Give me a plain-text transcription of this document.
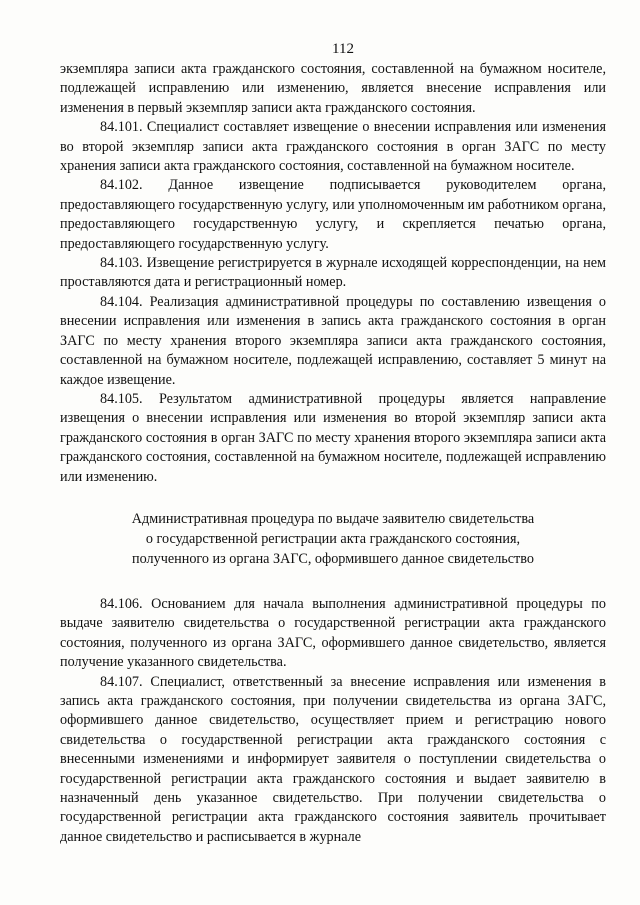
112

экземпляра записи акта гражданского состояния, составленной на бумажном носителе, подлежащей исправлению или изменению, является внесение исправления или изменения в первый экземпляр записи акта гражданского состояния.

84.101. Специалист составляет извещение о внесении исправления или изменения во второй экземпляр записи акта гражданского состояния в орган ЗАГС по месту хранения записи акта гражданского состояния, составленной на бумажном носителе.

84.102. Данное извещение подписывается руководителем органа, предоставляющего государственную услугу, или уполномоченным им работником органа, предоставляющего государственную услугу, и скрепляется печатью органа, предоставляющего государственную услугу.

84.103. Извещение регистрируется в журнале исходящей корреспонденции, на нем проставляются дата и регистрационный номер.

84.104. Реализация административной процедуры по составлению извещения о внесении исправления или изменения в запись акта гражданского состояния в орган ЗАГС по месту хранения второго экземпляра записи акта гражданского состояния, составленной на бумажном носителе, подлежащей исправлению, составляет 5 минут на каждое извещение.

84.105. Результатом административной процедуры является направление извещения о внесении исправления или изменения во второй экземпляр записи акта гражданского состояния в орган ЗАГС по месту хранения второго экземпляра записи акта гражданского состояния, составленной на бумажном носителе, подлежащей исправлению или изменению.

Административная процедура по выдаче заявителю свидетельства
о государственной регистрации акта гражданского состояния,
полученного из органа ЗАГС, оформившего данное свидетельство

84.106. Основанием для начала выполнения административной процедуры по выдаче заявителю свидетельства о государственной регистрации акта гражданского состояния, полученного из органа ЗАГС, оформившего данное свидетельство, является получение указанного свидетельства.

84.107. Специалист, ответственный за внесение исправления или изменения в запись акта гражданского состояния, при получении свидетельства из органа ЗАГС, оформившего данное свидетельство, осуществляет прием и регистрацию нового свидетельства о государственной регистрации акта гражданского состояния с внесенными изменениями и информирует заявителя о поступлении свидетельства о государственной регистрации акта гражданского состояния и выдает заявителю в назначенный день указанное свидетельство. При получении свидетельства о государственной регистрации акта гражданского состояния заявитель прочитывает данное свидетельство и расписывается в журнале
